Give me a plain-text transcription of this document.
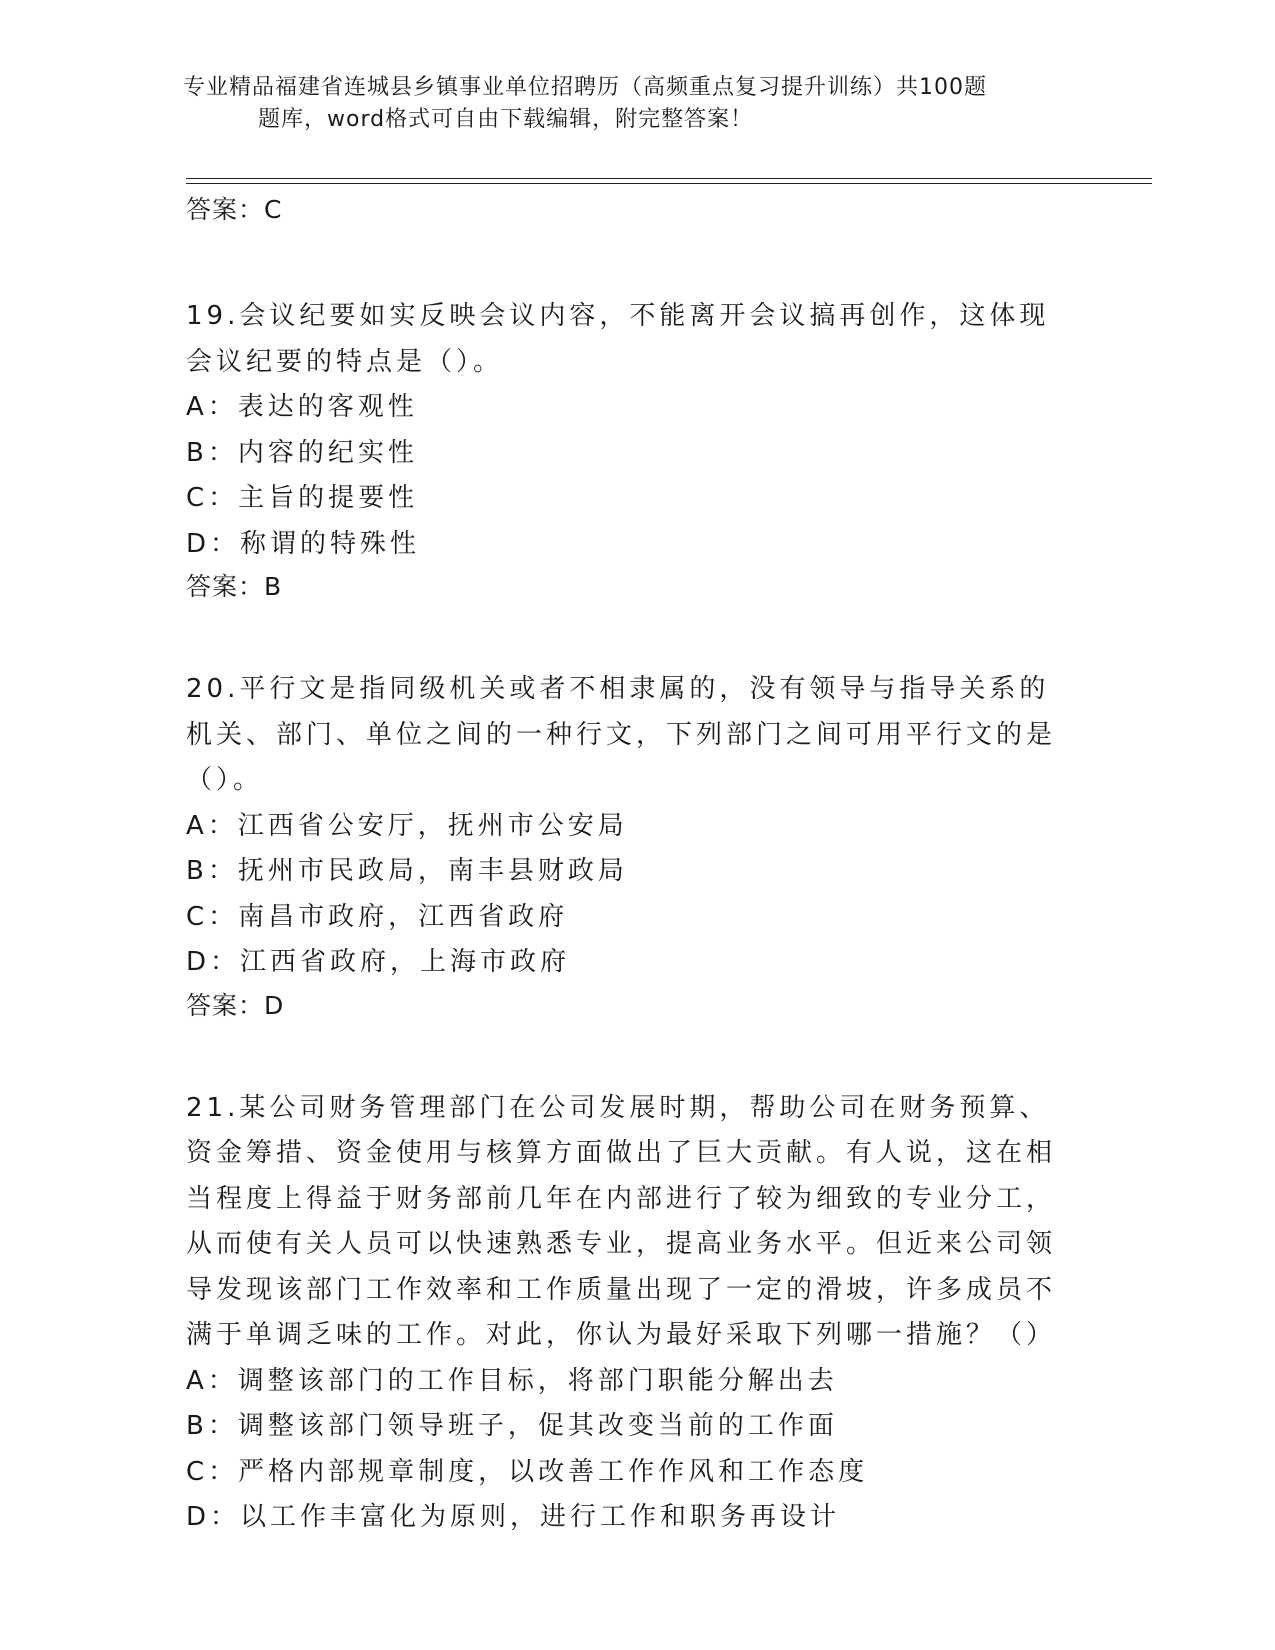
专业精品福建省连城县乡镇事业单位招聘历（高频重点复习提升训练）共100题
题库，word格式可自由下载编辑，附完整答案！
答案：C
19.会议纪要如实反映会议内容，不能离开会议搞再创作，这体现会议纪要的特点是（）。
A：表达的客观性
B：内容的纪实性
C：主旨的提要性
D：称谓的特殊性
答案：B
20.平行文是指同级机关或者不相隶属的，没有领导与指导关系的机关、部门、单位之间的一种行文，下列部门之间可用平行文的是（）。
A：江西省公安厅，抚州市公安局
B：抚州市民政局，南丰县财政局
C：南昌市政府，江西省政府
D：江西省政府，上海市政府
答案：D
21.某公司财务管理部门在公司发展时期，帮助公司在财务预算、资金筹措、资金使用与核算方面做出了巨大贡献。有人说，这在相当程度上得益于财务部前几年在内部进行了较为细致的专业分工，从而使有关人员可以快速熟悉专业，提高业务水平。但近来公司领导发现该部门工作效率和工作质量出现了一定的滑坡，许多成员不满于单调乏味的工作。对此，你认为最好采取下列哪一措施？（）
A：调整该部门的工作目标，将部门职能分解出去
B：调整该部门领导班子，促其改变当前的工作面
C：严格内部规章制度，以改善工作作风和工作态度
D：以工作丰富化为原则，进行工作和职务再设计
